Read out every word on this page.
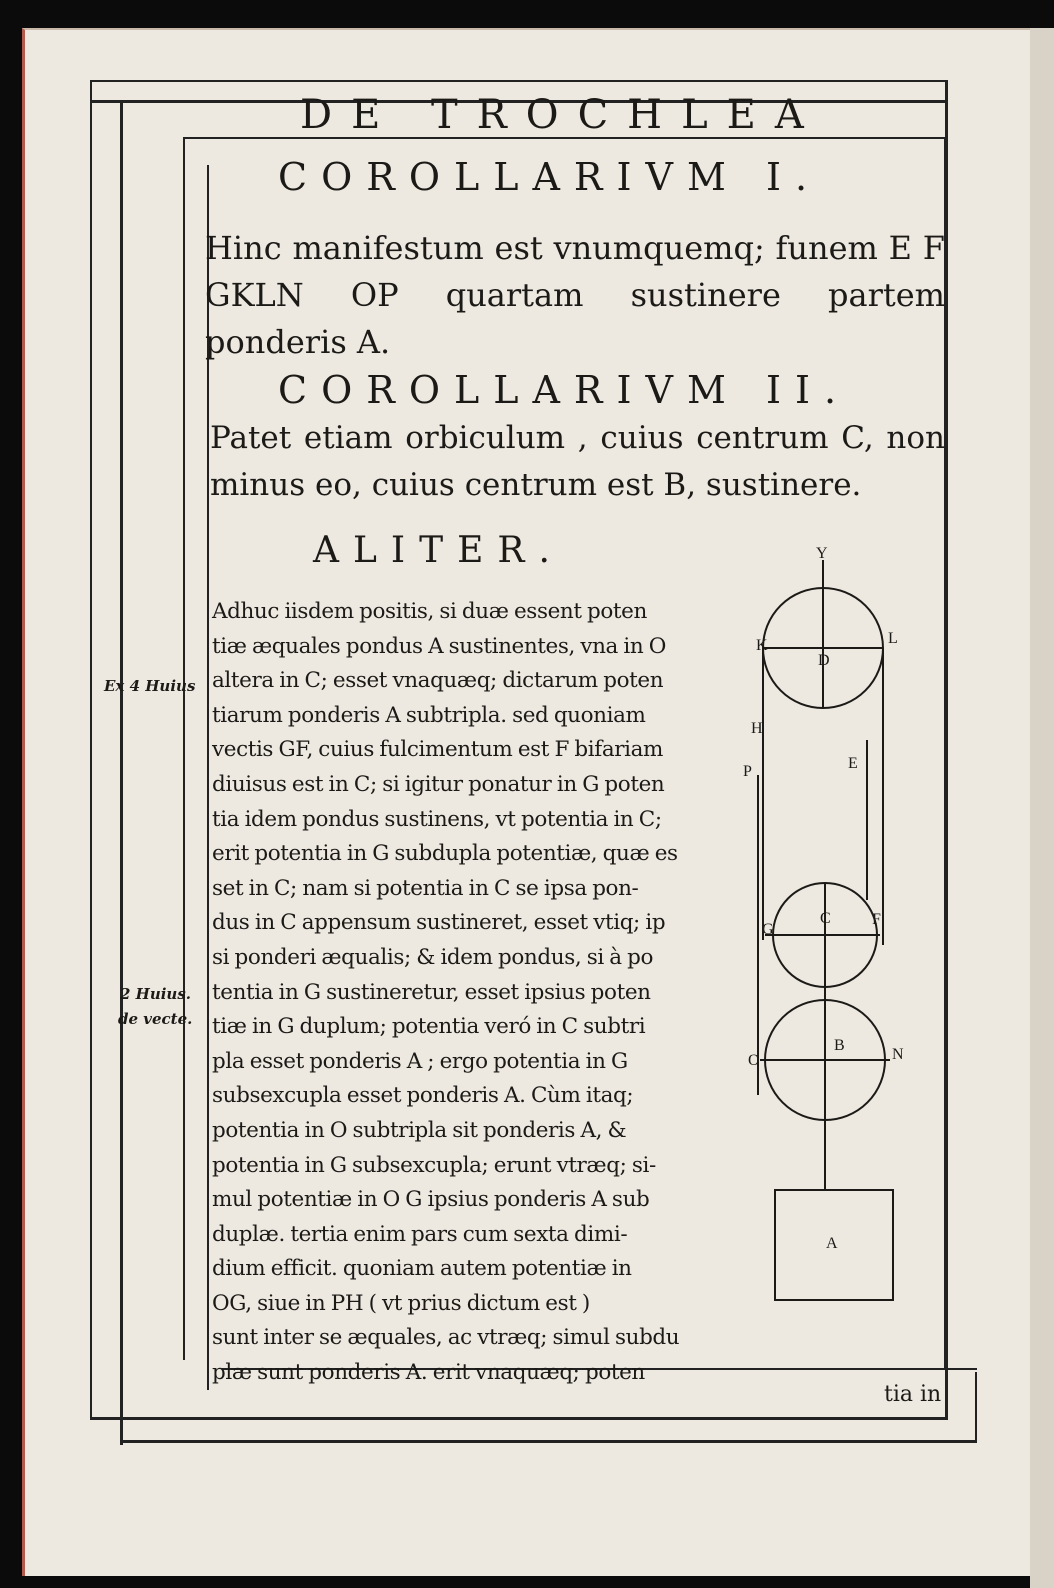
DE TROCHLEA
COROLLARIVM I.
Hinc manifestum est vnumquemq; funem E F GKLN OP quartam sustinere partem ponderis A.
COROLLARIVM II.
Patet etiam orbiculum , cuius centrum C, non minus eo, cuius centrum est B, sustinere.
ALITER.
Adhuc iisdem positis, si duæ essent poten
tiæ æquales pondus A sustinentes, vna in O
altera in C; esset vnaquæq; dictarum poten
tiarum ponderis A subtripla. sed quoniam
vectis GF, cuius fulcimentum est F bifariam
diuisus est in C; si igitur ponatur in G poten
tia idem pondus sustinens, vt potentia in C;
erit potentia in G subdupla potentiæ, quæ es
set in C; nam si potentia in C se ipsa pon-
dus in C appensum sustineret, esset vtiq; ip
si ponderi æqualis; & idem pondus, si à po
tentia in G sustineretur, esset ipsius poten
tiæ in G duplum; potentia veró in C subtri
pla esset ponderis A ; ergo potentia in G
subsexcupla esset ponderis A. Cùm itaq;
potentia in O subtripla sit ponderis A, &
potentia in G subsexcupla; erunt vtræq; si-
mul potentiæ in O G ipsius ponderis A sub
duplæ. tertia enim pars cum sexta dimi-
dium efficit. quoniam autem potentiæ in
OG, siue in PH ( vt prius dictum est )
sunt inter se æquales, ac vtræq; simul subdu
plæ sunt ponderis A. erit vnaquæq; poten
tia in
Ex 4 Huius
2 Huius.
de vecte.
Y
K	L
D
H
E
P
C
G
F
O
B
N
A
